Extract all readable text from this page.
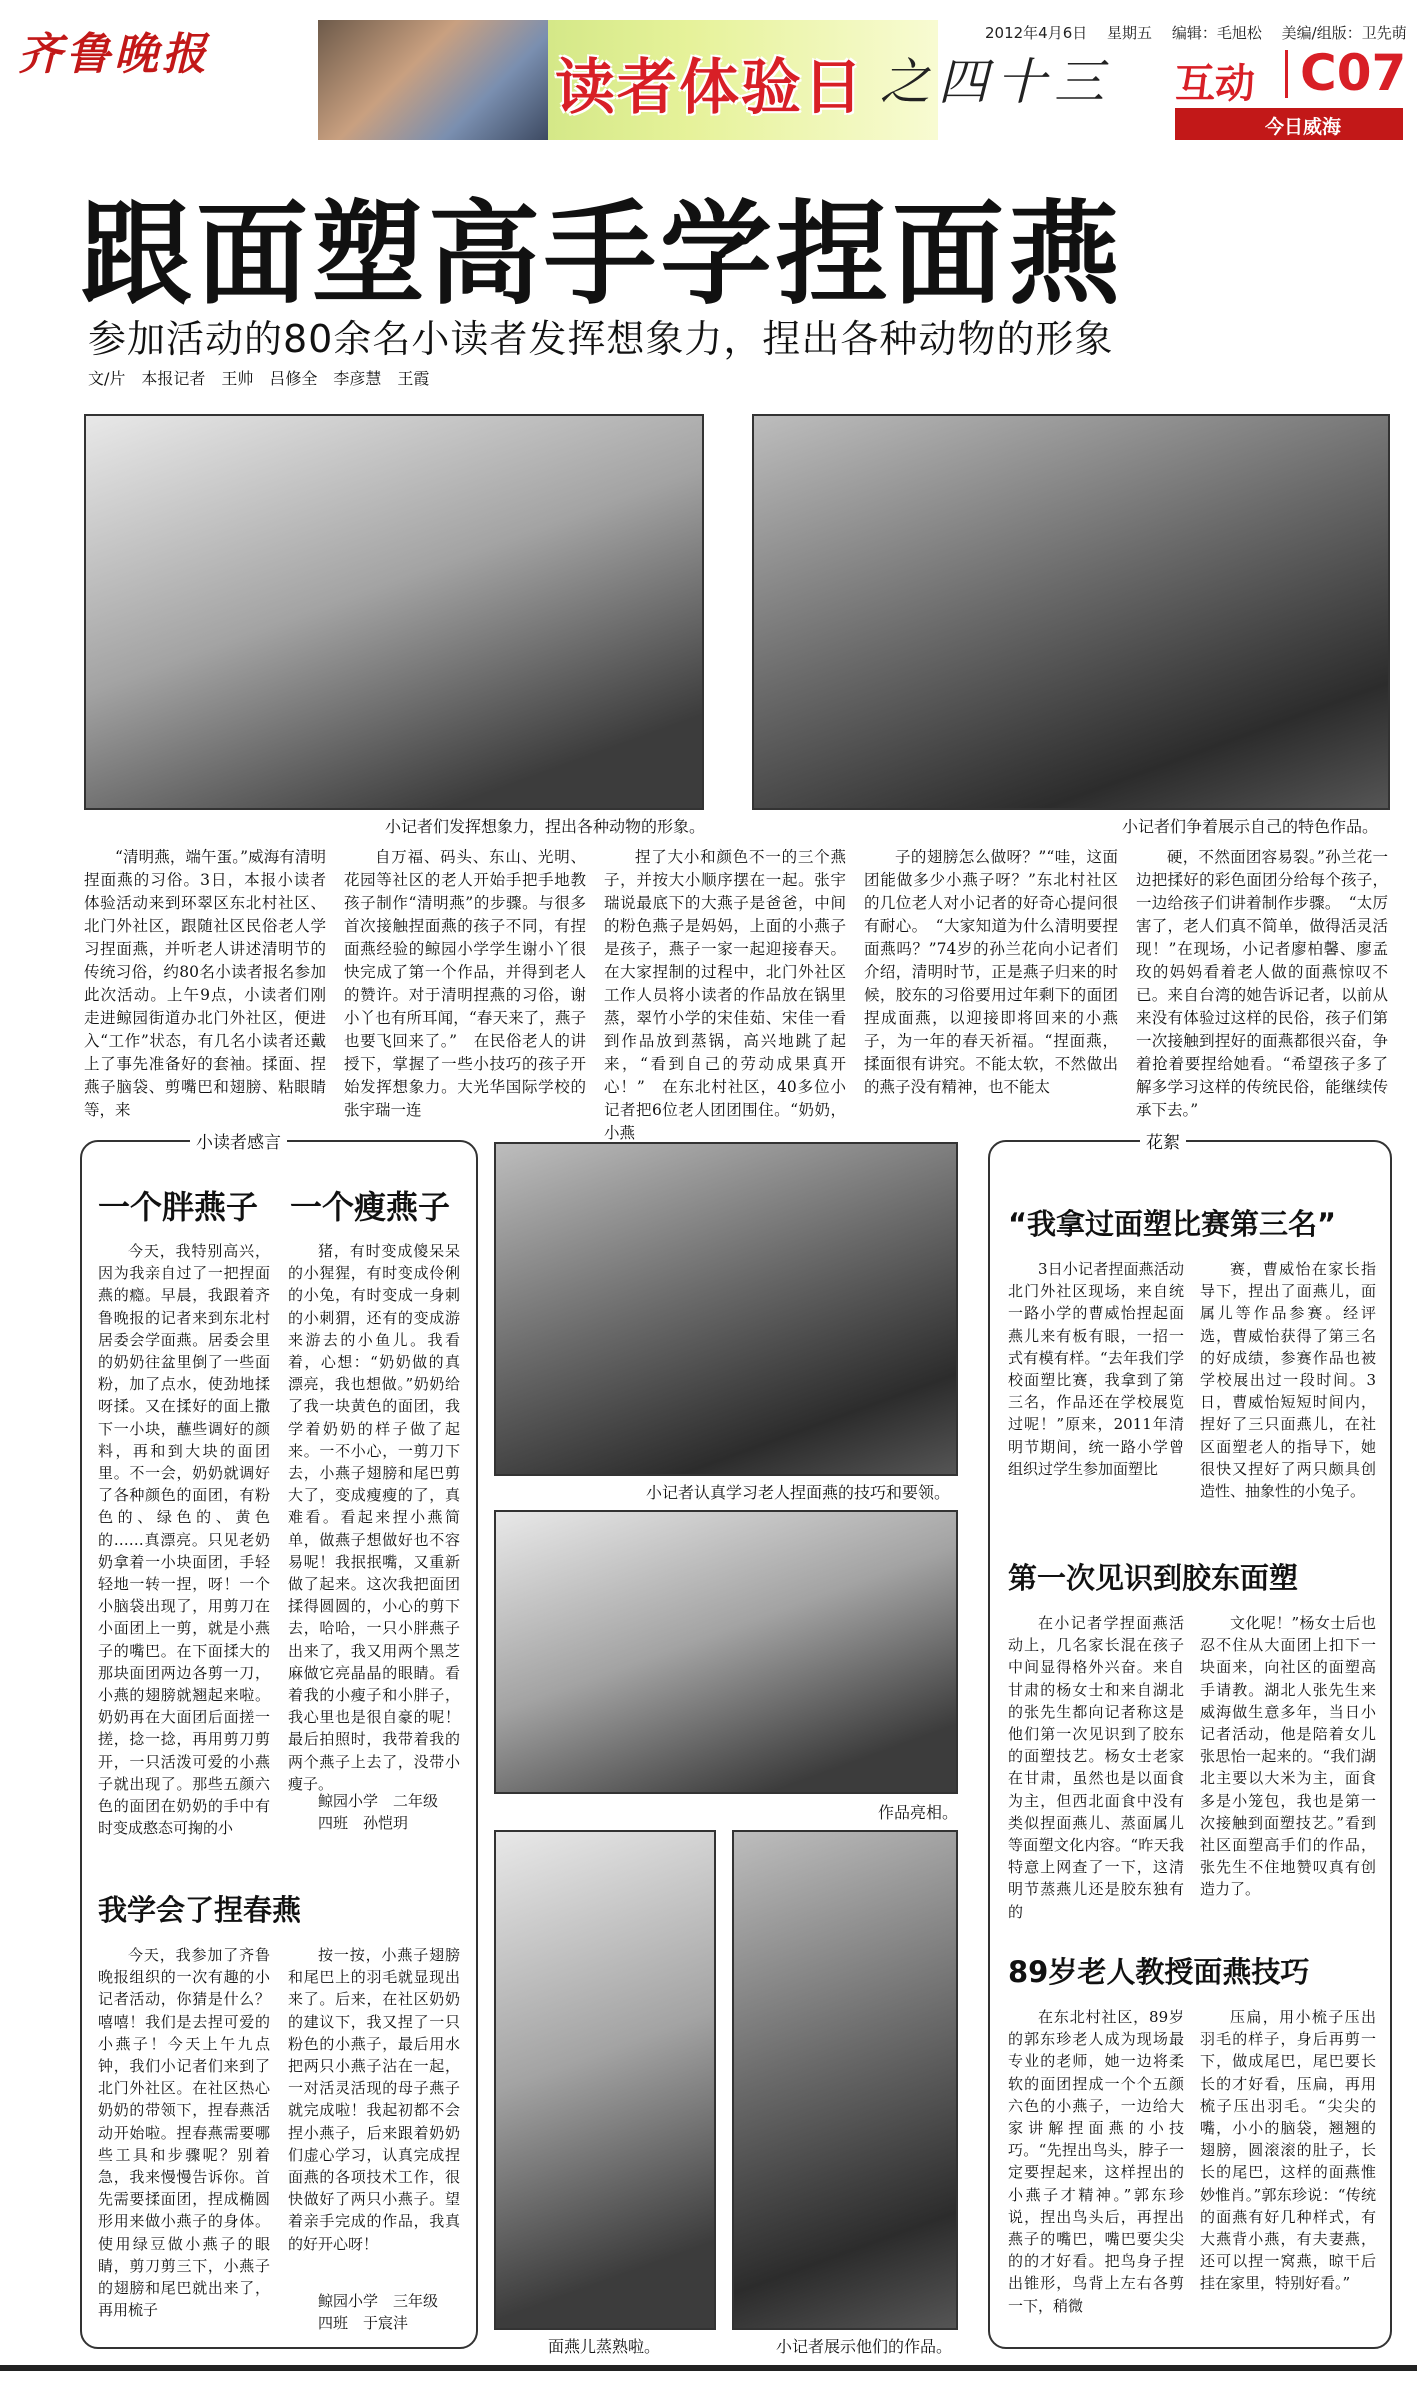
齐鲁晚报	读者体验日 之四十三
2012年4月6日　 星期五　 编辑：毛旭松　 美编/组版：卫先萌
互动 C07
今日威海
跟面塑高手学捏面燕
参加活动的80余名小读者发挥想象力，捏出各种动物的形象
文/片　本报记者　王帅　吕修全　李彦慧　王霞
小记者们发挥想象力，捏出各种动物的形象。	小记者们争着展示自己的特色作品。
“清明燕，端午蛋。”威海有清明捏面燕的习俗。3日，本报小读者体验活动来到环翠区东北村社区、北门外社区，跟随社区民俗老人学习捏面燕，并听老人讲述清明节的传统习俗，约80名小读者报名参加此次活动。上午9点，小读者们刚走进鲸园街道办北门外社区，便进入“工作”状态，有几名小读者还戴上了事先准备好的套袖。揉面、捏燕子脑袋、剪嘴巴和翅膀、粘眼睛等，来
自万福、码头、东山、光明、花园等社区的老人开始手把手地教孩子制作“清明燕”的步骤。与很多首次接触捏面燕的孩子不同，有捏面燕经验的鲸园小学学生谢小丫很快完成了第一个作品，并得到老人的赞许。对于清明捏燕的习俗，谢小丫也有所耳闻，“春天来了，燕子也要飞回来了。”　在民俗老人的讲授下，掌握了一些小技巧的孩子开始发挥想象力。大光华国际学校的张宇瑞一连
捏了大小和颜色不一的三个燕子，并按大小顺序摆在一起。张宇瑞说最底下的大燕子是爸爸，中间的粉色燕子是妈妈，上面的小燕子是孩子，燕子一家一起迎接春天。在大家捏制的过程中，北门外社区工作人员将小读者的作品放在锅里蒸，翠竹小学的宋佳茹、宋佳一看到作品放到蒸锅，高兴地跳了起来，“看到自己的劳动成果真开心！”　在东北村社区，40多位小记者把6位老人团团围住。“奶奶，小燕
子的翅膀怎么做呀？”“哇，这面团能做多少小燕子呀？”东北村社区的几位老人对小记者的好奇心提问很有耐心。　“大家知道为什么清明要捏面燕吗？”74岁的孙兰花向小记者们介绍，清明时节，正是燕子归来的时候，胶东的习俗要用过年剩下的面团捏成面燕，以迎接即将回来的小燕子，为一年的春天祈福。“捏面燕，揉面很有讲究。不能太软，不然做出的燕子没有精神，也不能太
硬，不然面团容易裂。”孙兰花一边把揉好的彩色面团分给每个孩子，一边给孩子们讲着制作步骤。　“太厉害了，老人们真不简单，做得活灵活现！”在现场，小记者廖柏馨、廖孟玫的妈妈看着老人做的面燕惊叹不已。来自台湾的她告诉记者，以前从来没有体验过这样的民俗，孩子们第一次接触到捏好的面燕都很兴奋，争着抢着要捏给她看。“希望孩子多了解多学习这样的传统民俗，能继续传承下去。”
小读者感言
一个胖燕子 一个瘦燕子
今天，我特别高兴，因为我亲自过了一把捏面燕的瘾。早晨，我跟着齐鲁晚报的记者来到东北村居委会学面燕。居委会里的奶奶往盆里倒了一些面粉，加了点水，使劲地揉呀揉。又在揉好的面上撒下一小块，蘸些调好的颜料，再和到大块的面团里。不一会，奶奶就调好了各种颜色的面团，有粉色的、绿色的、黄色的……真漂亮。只见老奶奶拿着一小块面团，手轻轻地一转一捏，呀！一个小脑袋出现了，用剪刀在小面团上一剪，就是小燕子的嘴巴。在下面揉大的那块面团两边各剪一刀，小燕的翅膀就翘起来啦。奶奶再在大面团后面搓一搓，捻一捻，再用剪刀剪开，一只活泼可爱的小燕子就出现了。那些五颜六色的面团在奶奶的手中有时变成憨态可掬的小
猪，有时变成傻呆呆的小猩猩，有时变成伶俐的小兔，有时变成一身刺的小刺猬，还有的变成游来游去的小鱼儿。我看着，心想：“奶奶做的真漂亮，我也想做。”奶奶给了我一块黄色的面团，我学着奶奶的样子做了起来。一不小心，一剪刀下去，小燕子翅膀和尾巴剪大了，变成瘦瘦的了，真难看。看起来捏小燕简单，做燕子想做好也不容易呢！我抿抿嘴，又重新做了起来。这次我把面团揉得圆圆的，小心的剪下去，哈哈，一只小胖燕子出来了，我又用两个黑芝麻做它亮晶晶的眼睛。看着我的小瘦子和小胖子，我心里也是很自豪的呢！最后拍照时，我带着我的两个燕子上去了，没带小瘦子。
鲸园小学　二年级
四班　孙恺玥
我学会了捏春燕
今天，我参加了齐鲁晚报组织的一次有趣的小记者活动，你猜是什么？嘻嘻！我们是去捏可爱的小燕子！今天上午九点钟，我们小记者们来到了北门外社区。在社区热心奶奶的带领下，捏春燕活动开始啦。捏春燕需要哪些工具和步骤呢？别着急，我来慢慢告诉你。首先需要揉面团，捏成椭圆形用来做小燕子的身体。使用绿豆做小燕子的眼睛，剪刀剪三下，小燕子的翅膀和尾巴就出来了，再用梳子
按一按，小燕子翅膀和尾巴上的羽毛就显现出来了。后来，在社区奶奶的建议下，我又捏了一只粉色的小燕子，最后用水把两只小燕子沾在一起，一对活灵活现的母子燕子就完成啦！我起初都不会捏小燕子，后来跟着奶奶们虚心学习，认真完成捏面燕的各项技术工作，很快做好了两只小燕子。望着亲手完成的作品，我真的好开心呀！
鲸园小学　三年级
四班　于宸沣
小记者认真学习老人捏面燕的技巧和要领。
作品亮相。
面燕儿蒸熟啦。	小记者展示他们的作品。
花絮
“我拿过面塑比赛第三名”
3日小记者捏面燕活动北门外社区现场，来自统一路小学的曹威怡捏起面燕儿来有板有眼，一招一式有模有样。“去年我们学校面塑比赛，我拿到了第三名，作品还在学校展览过呢！”原来，2011年清明节期间，统一路小学曾组织过学生参加面塑比
赛，曹威怡在家长指导下，捏出了面燕儿，面属儿等作品参赛。经评选，曹威怡获得了第三名的好成绩，参赛作品也被学校展出过一段时间。3日，曹威怡短短时间内，捏好了三只面燕儿，在社区面塑老人的指导下，她很快又捏好了两只颇具创造性、抽象性的小兔子。
第一次见识到胶东面塑
在小记者学捏面燕活动上，几名家长混在孩子中间显得格外兴奋。来自甘肃的杨女士和来自湖北的张先生都向记者称这是他们第一次见识到了胶东的面塑技艺。杨女士老家在甘肃，虽然也是以面食为主，但西北面食中没有类似捏面燕儿、蒸面属儿等面塑文化内容。“昨天我特意上网查了一下，这清明节蒸燕儿还是胶东独有的
文化呢！”杨女士后也忍不住从大面团上扣下一块面来，向社区的面塑高手请教。湖北人张先生来威海做生意多年，当日小记者活动，他是陪着女儿张思怡一起来的。“我们湖北主要以大米为主，面食多是小笼包，我也是第一次接触到面塑技艺。”看到社区面塑高手们的作品，张先生不住地赞叹真有创造力了。
89岁老人教授面燕技巧
在东北村社区，89岁的郭东珍老人成为现场最专业的老师，她一边将柔软的面团捏成一个个五颜六色的小燕子，一边给大家讲解捏面燕的小技巧。“先捏出鸟头，脖子一定要捏起来，这样捏出的小燕子才精神。”郭东珍说，捏出鸟头后，再捏出燕子的嘴巴，嘴巴要尖尖的的才好看。把鸟身子捏出锥形，鸟背上左右各剪一下，稍微
压扁，用小梳子压出羽毛的样子，身后再剪一下，做成尾巴，尾巴要长长的才好看，压扁，再用梳子压出羽毛。“尖尖的嘴，小小的脑袋，翘翘的翅膀，圆滚滚的肚子，长长的尾巴，这样的面燕惟妙惟肖。”郭东珍说：“传统的面燕有好几种样式，有大燕背小燕，有夫妻燕，还可以捏一窝燕，晾干后挂在家里，特别好看。”
